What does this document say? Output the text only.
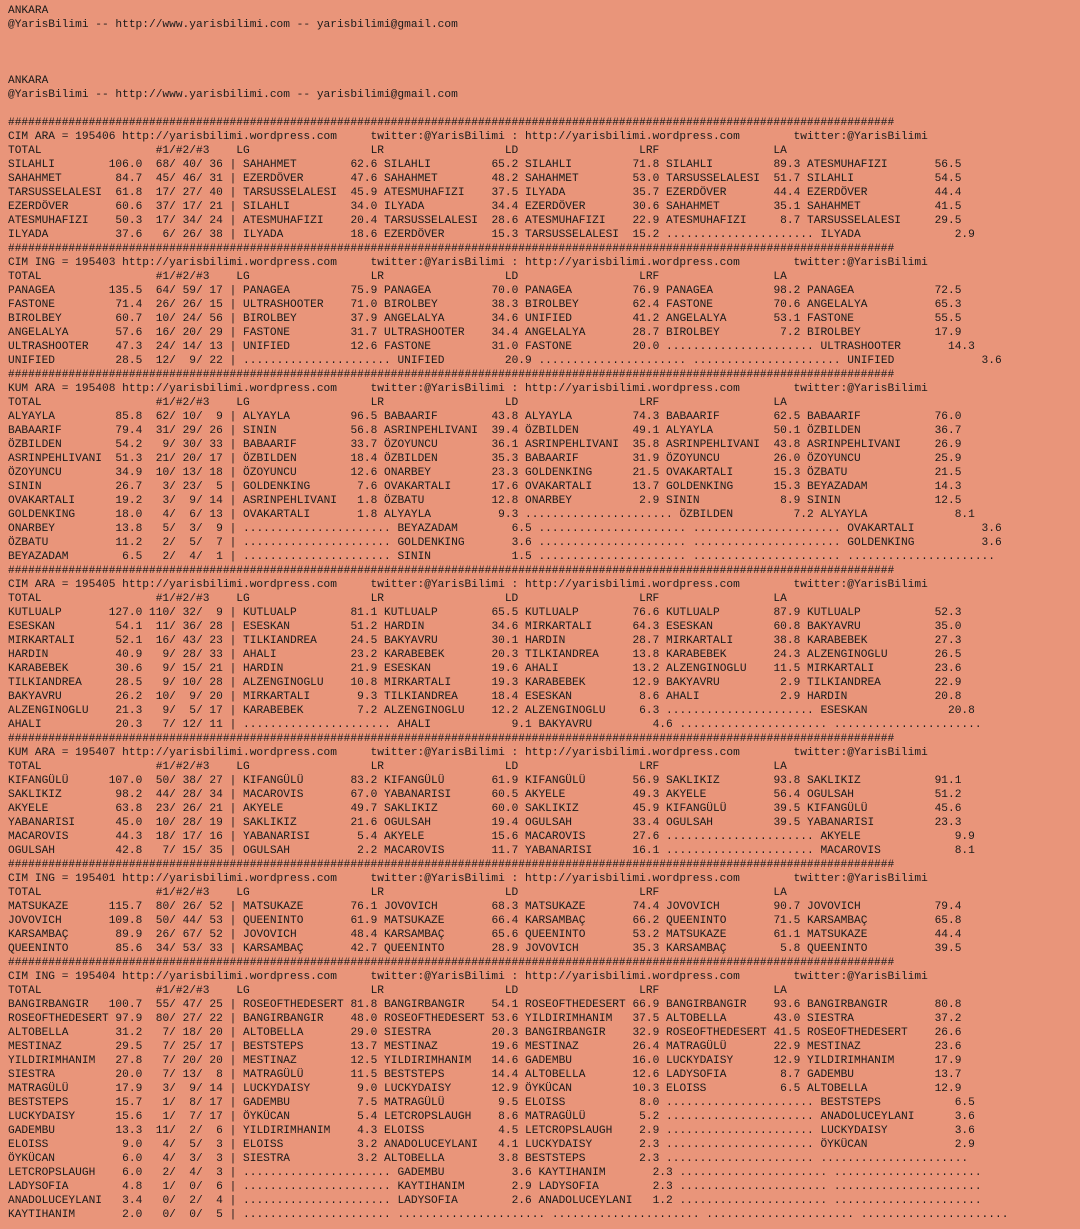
ANKARA
@YarisBilimi -- http://www.yarisbilimi.com -- yarisbilimi@gmail.com
ANKARA
@YarisBilimi -- http://www.yarisbilimi.com -- yarisbilimi@gmail.com
####################################################################################################################################
CIM ARA = 195406 http://yarisbilimi.wordpress.com     twitter:@YarisBilimi : http://yarisbilimi.wordpress.com        twitter:@YarisBilimi
TOTAL                 #1/#2/#3    LG                  LR                  LD                  LRF                 LA
SILAHLI        106.0  68/ 40/ 36 | SAHAHMET        62.6 SILAHLI         65.2 SILAHLI         71.8 SILAHLI         89.3 ATESMUHAFIZI       56.5
SAHAHMET        84.7  45/ 46/ 31 | EZERDÖVER       47.6 SAHAHMET        48.2 SAHAHMET        53.0 TARSUSSELALESI  51.7 SILAHLI            54.5
TARSUSSELALESI  61.8  17/ 27/ 40 | TARSUSSELALESI  45.9 ATESMUHAFIZI    37.5 ILYADA          35.7 EZERDÖVER       44.4 EZERDÖVER          44.4
EZERDÖVER       60.6  37/ 17/ 21 | SILAHLI         34.0 ILYADA          34.4 EZERDÖVER       30.6 SAHAHMET        35.1 SAHAHMET           41.5
ATESMUHAFIZI    50.3  17/ 34/ 24 | ATESMUHAFIZI    20.4 TARSUSSELALESI  28.6 ATESMUHAFIZI    22.9 ATESMUHAFIZI     8.7 TARSUSSELALESI     29.5
ILYADA          37.6   6/ 26/ 38 | ILYADA          18.6 EZERDÖVER       15.3 TARSUSSELALESI  15.2 ...................... ILYADA              2.9
####################################################################################################################################
CIM ING = 195403 http://yarisbilimi.wordpress.com     twitter:@YarisBilimi : http://yarisbilimi.wordpress.com        twitter:@YarisBilimi
TOTAL                 #1/#2/#3    LG                  LR                  LD                  LRF                 LA
PANAGEA        135.5  64/ 59/ 17 | PANAGEA         75.9 PANAGEA         70.0 PANAGEA         76.9 PANAGEA         98.2 PANAGEA            72.5
FASTONE         71.4  26/ 26/ 15 | ULTRASHOOTER    71.0 BIROLBEY        38.3 BIROLBEY        62.4 FASTONE         70.6 ANGELALYA          65.3
BIROLBEY        60.7  10/ 24/ 56 | BIROLBEY        37.9 ANGELALYA       34.6 UNIFIED         41.2 ANGELALYA       53.1 FASTONE            55.5
ANGELALYA       57.6  16/ 20/ 29 | FASTONE         31.7 ULTRASHOOTER    34.4 ANGELALYA       28.7 BIROLBEY         7.2 BIROLBEY           17.9
ULTRASHOOTER    47.3  24/ 14/ 13 | UNIFIED         12.6 FASTONE         31.0 FASTONE         20.0 ...................... ULTRASHOOTER       14.3
UNIFIED         28.5  12/  9/ 22 | ...................... UNIFIED         20.9 ...................... ...................... UNIFIED             3.6
####################################################################################################################################
KUM ARA = 195408 http://yarisbilimi.wordpress.com     twitter:@YarisBilimi : http://yarisbilimi.wordpress.com        twitter:@YarisBilimi
TOTAL                 #1/#2/#3    LG                  LR                  LD                  LRF                 LA
ALYAYLA         85.8  62/ 10/  9 | ALYAYLA         96.5 BABAARIF        43.8 ALYAYLA         74.3 BABAARIF        62.5 BABAARIF           76.0
BABAARIF        79.4  31/ 29/ 26 | SININ           56.8 ASRINPEHLIVANI  39.4 ÖZBILDEN        49.1 ALYAYLA         50.1 ÖZBILDEN           36.7
ÖZBILDEN        54.2   9/ 30/ 33 | BABAARIF        33.7 ÖZOYUNCU        36.1 ASRINPEHLIVANI  35.8 ASRINPEHLIVANI  43.8 ASRINPEHLIVANI     26.9
ASRINPEHLIVANI  51.3  21/ 20/ 17 | ÖZBILDEN        18.4 ÖZBILDEN        35.3 BABAARIF        31.9 ÖZOYUNCU        26.0 ÖZOYUNCU           25.9
ÖZOYUNCU        34.9  10/ 13/ 18 | ÖZOYUNCU        12.6 ONARBEY         23.3 GOLDENKING      21.5 OVAKARTALI      15.3 ÖZBATU             21.5
SININ           26.7   3/ 23/  5 | GOLDENKING       7.6 OVAKARTALI      17.6 OVAKARTALI      13.7 GOLDENKING      15.3 BEYAZADAM          14.3
OVAKARTALI      19.2   3/  9/ 14 | ASRINPEHLIVANI   1.8 ÖZBATU          12.8 ONARBEY          2.9 SININ            8.9 SININ              12.5
GOLDENKING      18.0   4/  6/ 13 | OVAKARTALI       1.8 ALYAYLA          9.3 ...................... ÖZBILDEN         7.2 ALYAYLA             8.1
ONARBEY         13.8   5/  3/  9 | ...................... BEYAZADAM        6.5 ...................... ...................... OVAKARTALI          3.6
ÖZBATU          11.2   2/  5/  7 | ...................... GOLDENKING       3.6 ...................... ...................... GOLDENKING          3.6
BEYAZADAM        6.5   2/  4/  1 | ...................... SININ            1.5 ...................... ...................... ......................
####################################################################################################################################
CIM ARA = 195405 http://yarisbilimi.wordpress.com     twitter:@YarisBilimi : http://yarisbilimi.wordpress.com        twitter:@YarisBilimi
TOTAL                 #1/#2/#3    LG                  LR                  LD                  LRF                 LA
KUTLUALP       127.0 110/ 32/  9 | KUTLUALP        81.1 KUTLUALP        65.5 KUTLUALP        76.6 KUTLUALP        87.9 KUTLUALP           52.3
ESESKAN         54.1  11/ 36/ 28 | ESESKAN         51.2 HARDIN          34.6 MIRKARTALI      64.3 ESESKAN         60.8 BAKYAVRU           35.0
MIRKARTALI      52.1  16/ 43/ 23 | TILKIANDREA     24.5 BAKYAVRU        30.1 HARDIN          28.7 MIRKARTALI      38.8 KARABEBEK          27.3
HARDIN          40.9   9/ 28/ 33 | AHALI           23.2 KARABEBEK       20.3 TILKIANDREA     13.8 KARABEBEK       24.3 ALZENGINOGLU       26.5
KARABEBEK       30.6   9/ 15/ 21 | HARDIN          21.9 ESESKAN         19.6 AHALI           13.2 ALZENGINOGLU    11.5 MIRKARTALI         23.6
TILKIANDREA     28.5   9/ 10/ 28 | ALZENGINOGLU    10.8 MIRKARTALI      19.3 KARABEBEK       12.9 BAKYAVRU         2.9 TILKIANDREA        22.9
BAKYAVRU        26.2  10/  9/ 20 | MIRKARTALI       9.3 TILKIANDREA     18.4 ESESKAN          8.6 AHALI            2.9 HARDIN             20.8
ALZENGINOGLU    21.3   9/  5/ 17 | KARABEBEK        7.2 ALZENGINOGLU    12.2 ALZENGINOGLU     6.3 ...................... ESESKAN            20.8
AHALI           20.3   7/ 12/ 11 | ...................... AHALI            9.1 BAKYAVRU         4.6 ...................... ......................
####################################################################################################################################
KUM ARA = 195407 http://yarisbilimi.wordpress.com     twitter:@YarisBilimi : http://yarisbilimi.wordpress.com        twitter:@YarisBilimi
TOTAL                 #1/#2/#3    LG                  LR                  LD                  LRF                 LA
KIFANGÜLÜ      107.0  50/ 38/ 27 | KIFANGÜLÜ       83.2 KIFANGÜLÜ       61.9 KIFANGÜLÜ       56.9 SAKLIKIZ        93.8 SAKLIKIZ           91.1
SAKLIKIZ        98.2  44/ 28/ 34 | MACAROVIS       67.0 YABANARISI      60.5 AKYELE          49.3 AKYELE          56.4 OGULSAH            51.2
AKYELE          63.8  23/ 26/ 21 | AKYELE          49.7 SAKLIKIZ        60.0 SAKLIKIZ        45.9 KIFANGÜLÜ       39.5 KIFANGÜLÜ          45.6
YABANARISI      45.0  10/ 28/ 19 | SAKLIKIZ        21.6 OGULSAH         19.4 OGULSAH         33.4 OGULSAH         39.5 YABANARISI         23.3
MACAROVIS       44.3  18/ 17/ 16 | YABANARISI       5.4 AKYELE          15.6 MACAROVIS       27.6 ...................... AKYELE              9.9
OGULSAH         42.8   7/ 15/ 35 | OGULSAH          2.2 MACAROVIS       11.7 YABANARISI      16.1 ...................... MACAROVIS           8.1
####################################################################################################################################
CIM ING = 195401 http://yarisbilimi.wordpress.com     twitter:@YarisBilimi : http://yarisbilimi.wordpress.com        twitter:@YarisBilimi
TOTAL                 #1/#2/#3    LG                  LR                  LD                  LRF                 LA
MATSUKAZE      115.7  80/ 26/ 52 | MATSUKAZE       76.1 JOVOVICH        68.3 MATSUKAZE       74.4 JOVOVICH        90.7 JOVOVICH           79.4
JOVOVICH       109.8  50/ 44/ 53 | QUEENINTO       61.9 MATSUKAZE       66.4 KARSAMBAÇ       66.2 QUEENINTO       71.5 KARSAMBAÇ          65.8
KARSAMBAÇ       89.9  26/ 67/ 52 | JOVOVICH        48.4 KARSAMBAÇ       65.6 QUEENINTO       53.2 MATSUKAZE       61.1 MATSUKAZE          44.4
QUEENINTO       85.6  34/ 53/ 33 | KARSAMBAÇ       42.7 QUEENINTO       28.9 JOVOVICH        35.3 KARSAMBAÇ        5.8 QUEENINTO          39.5
####################################################################################################################################
CIM ING = 195404 http://yarisbilimi.wordpress.com     twitter:@YarisBilimi : http://yarisbilimi.wordpress.com        twitter:@YarisBilimi
TOTAL                 #1/#2/#3    LG                  LR                  LD                  LRF                 LA
BANGIRBANGIR   100.7  55/ 47/ 25 | ROSEOFTHEDESERT 81.8 BANGIRBANGIR    54.1 ROSEOFTHEDESERT 66.9 BANGIRBANGIR    93.6 BANGIRBANGIR       80.8
ROSEOFTHEDESERT 97.9  80/ 27/ 22 | BANGIRBANGIR    48.0 ROSEOFTHEDESERT 53.6 YILDIRIMHANIM   37.5 ALTOBELLA       43.0 SIESTRA            37.2
ALTOBELLA       31.2   7/ 18/ 20 | ALTOBELLA       29.0 SIESTRA         20.3 BANGIRBANGIR    32.9 ROSEOFTHEDESERT 41.5 ROSEOFTHEDESERT    26.6
MESTINAZ        29.5   7/ 25/ 17 | BESTSTEPS       13.7 MESTINAZ        19.6 MESTINAZ        26.4 MATRAGÜLÜ       22.9 MESTINAZ           23.6
YILDIRIMHANIM   27.8   7/ 20/ 20 | MESTINAZ        12.5 YILDIRIMHANIM   14.6 GADEMBU         16.0 LUCKYDAISY      12.9 YILDIRIMHANIM      17.9
SIESTRA         20.0   7/ 13/  8 | MATRAGÜLÜ       11.5 BESTSTEPS       14.4 ALTOBELLA       12.6 LADYSOFIA        8.7 GADEMBU            13.7
MATRAGÜLÜ       17.9   3/  9/ 14 | LUCKYDAISY       9.0 LUCKYDAISY      12.9 ÖYKÜCAN         10.3 ELOISS           6.5 ALTOBELLA          12.9
BESTSTEPS       15.7   1/  8/ 17 | GADEMBU          7.5 MATRAGÜLÜ        9.5 ELOISS           8.0 ...................... BESTSTEPS           6.5
LUCKYDAISY      15.6   1/  7/ 17 | ÖYKÜCAN          5.4 LETCROPSLAUGH    8.6 MATRAGÜLÜ        5.2 ...................... ANADOLUCEYLANI      3.6
GADEMBU         13.3  11/  2/  6 | YILDIRIMHANIM    4.3 ELOISS           4.5 LETCROPSLAUGH    2.9 ...................... LUCKYDAISY          3.6
ELOISS           9.0   4/  5/  3 | ELOISS           3.2 ANADOLUCEYLANI   4.1 LUCKYDAISY       2.3 ...................... ÖYKÜCAN             2.9
ÖYKÜCAN          6.0   4/  3/  3 | SIESTRA          3.2 ALTOBELLA        3.8 BESTSTEPS        2.3 ...................... ......................
LETCROPSLAUGH    6.0   2/  4/  3 | ...................... GADEMBU          3.6 KAYTIHANIM       2.3 ...................... ......................
LADYSOFIA        4.8   1/  0/  6 | ...................... KAYTIHANIM       2.9 LADYSOFIA        2.3 ...................... ......................
ANADOLUCEYLANI   3.4   0/  2/  4 | ...................... LADYSOFIA        2.6 ANADOLUCEYLANI   1.2 ...................... ......................
KAYTIHANIM       2.0   0/  0/  5 | ...................... ...................... ...................... ...................... ......................
